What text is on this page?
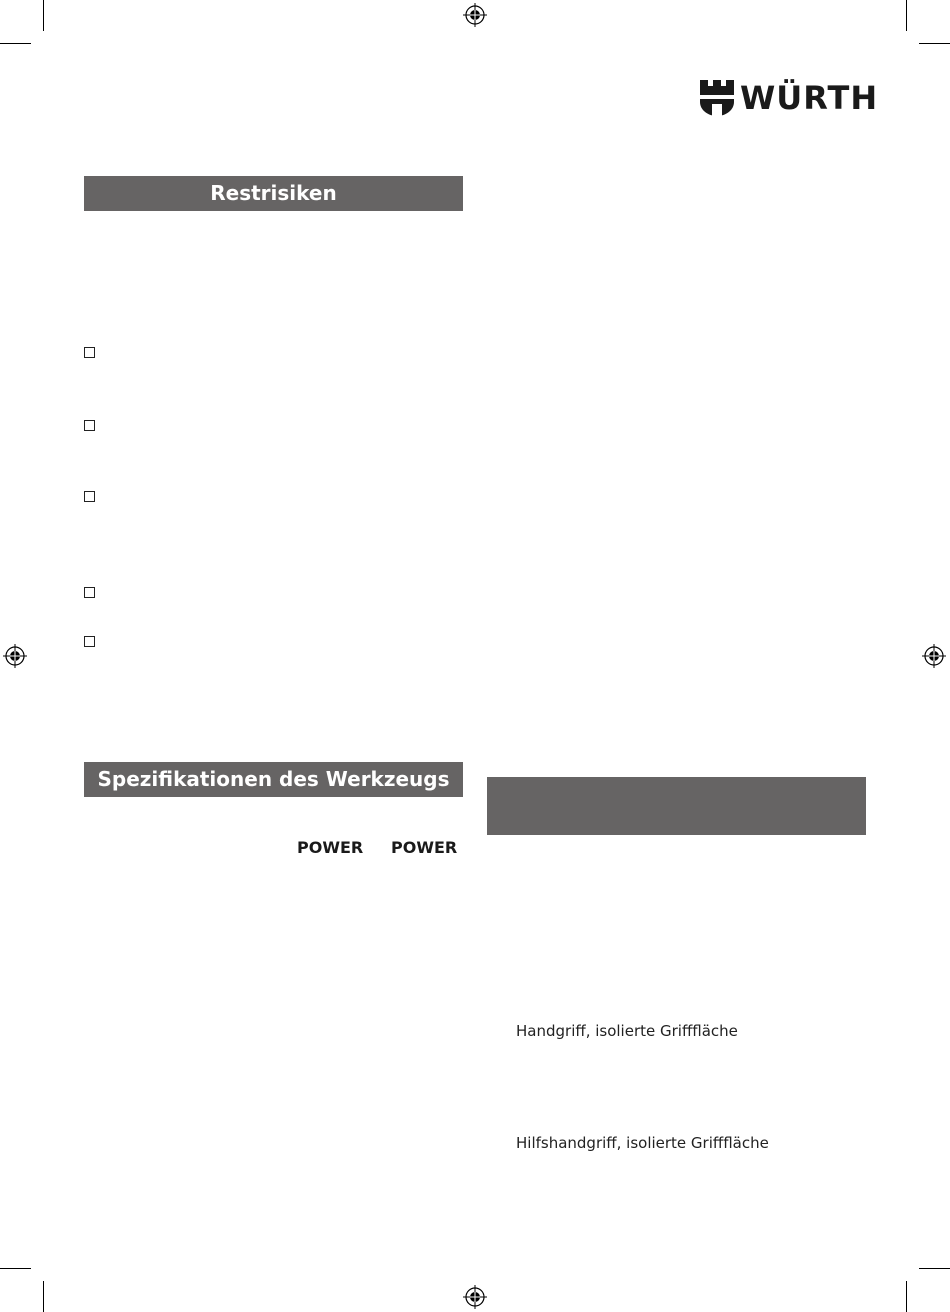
WÜRTH
Restrisiken
Spezifikationen des Werkzeugs
POWER POWER
Handgriff, isolierte Grifffläche
Hilfshandgriff, isolierte Grifffläche
